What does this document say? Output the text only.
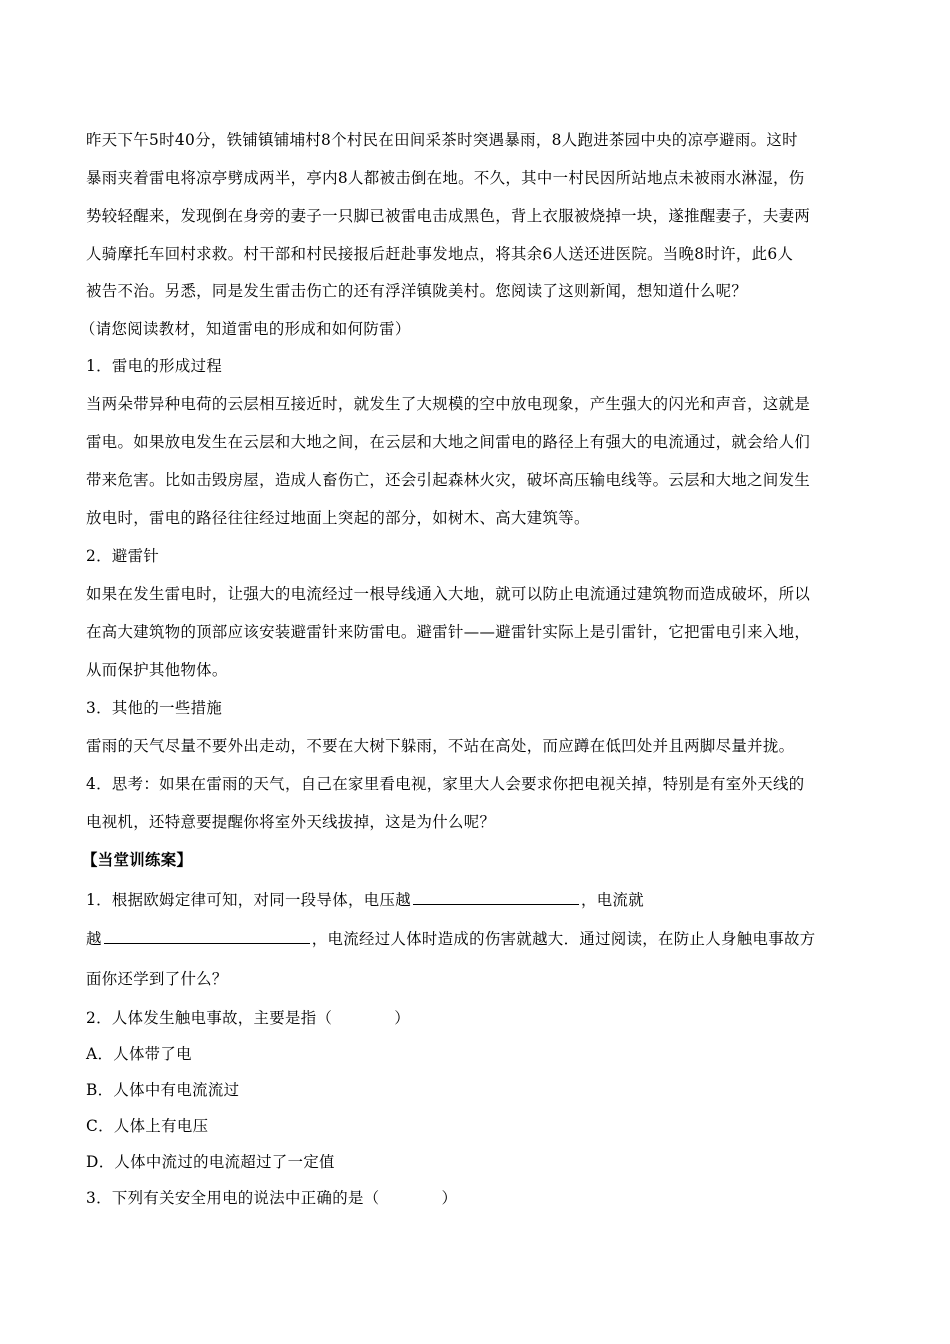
昨天下午5时40分，铁铺镇铺埔村8个村民在田间采茶时突遇暴雨，8人跑进茶园中央的凉亭避雨。这时
暴雨夹着雷电将凉亭劈成两半，亭内8人都被击倒在地。不久，其中一村民因所站地点未被雨水淋湿，伤
势较轻醒来，发现倒在身旁的妻子一只脚已被雷电击成黑色，背上衣服被烧掉一块，遂推醒妻子，夫妻两
人骑摩托车回村求救。村干部和村民接报后赶赴事发地点，将其余6人送还进医院。当晚8时许，此6人
被告不治。另悉，同是发生雷击伤亡的还有浮洋镇陇美村。您阅读了这则新闻，想知道什么呢？
（请您阅读教材，知道雷电的形成和如何防雷）
1．雷电的形成过程
当两朵带异种电荷的云层相互接近时，就发生了大规模的空中放电现象，产生强大的闪光和声音，这就是
雷电。如果放电发生在云层和大地之间，在云层和大地之间雷电的路径上有强大的电流通过，就会给人们
带来危害。比如击毁房屋，造成人畜伤亡，还会引起森林火灾，破坏高压输电线等。云层和大地之间发生
放电时，雷电的路径往往经过地面上突起的部分，如树木、高大建筑等。
2．避雷针
如果在发生雷电时，让强大的电流经过一根导线通入大地，就可以防止电流通过建筑物而造成破坏，所以
在高大建筑物的顶部应该安装避雷针来防雷电。避雷针——避雷针实际上是引雷针，它把雷电引来入地，
从而保护其他物体。
3．其他的一些措施
雷雨的天气尽量不要外出走动，不要在大树下躲雨，不站在高处，而应蹲在低凹处并且两脚尽量并拢。
4．思考：如果在雷雨的天气，自己在家里看电视，家里大人会要求你把电视关掉，特别是有室外天线的
电视机，还特意要提醒你将室外天线拔掉，这是为什么呢？
【当堂训练案】
1．根据欧姆定律可知，对同一段导体，电压越	，电流就
越	，电流经过人体时造成的伤害就越大．通过阅读，在防止人身触电事故方
面你还学到了什么？
2．人体发生触电事故，主要是指（	）
A．人体带了电
B．人体中有电流流过
C．人体上有电压
D．人体中流过的电流超过了一定值
3．下列有关安全用电的说法中正确的是（	）
